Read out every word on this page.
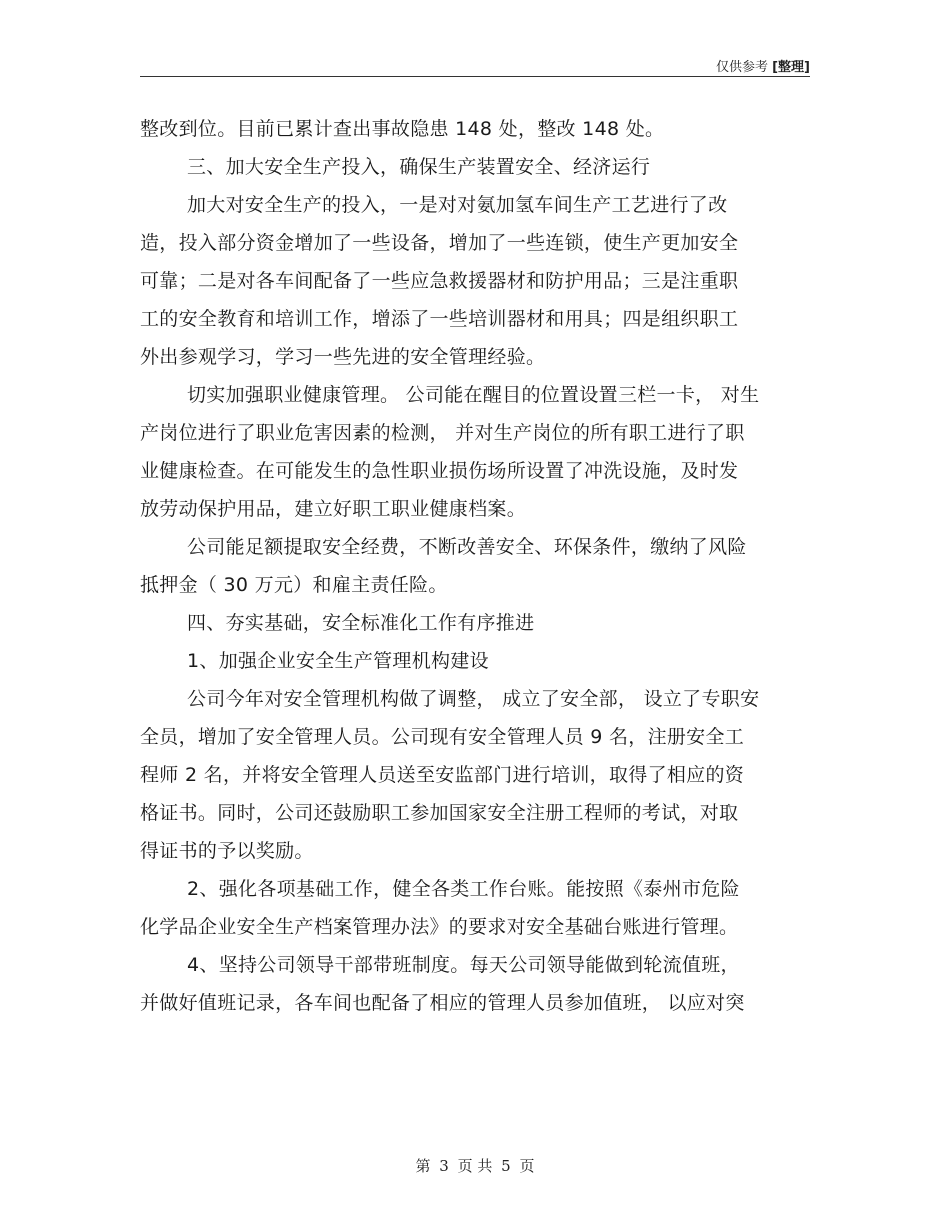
仅供参考 [整理]
整改到位。目前已累计查出事故隐患 148 处，整改 148 处。
三、加大安全生产投入，确保生产装置安全、经济运行
加大对安全生产的投入，一是对对氨加氢车间生产工艺进行了改
造，投入部分资金增加了一些设备，增加了一些连锁，使生产更加安全
可靠；二是对各车间配备了一些应急救援器材和防护用品；三是注重职
工的安全教育和培训工作，增添了一些培训器材和用具；四是组织职工
外出参观学习，学习一些先进的安全管理经验。
切实加强职业健康管理。 公司能在醒目的位置设置三栏一卡， 对生
产岗位进行了职业危害因素的检测， 并对生产岗位的所有职工进行了职
业健康检查。在可能发生的急性职业损伤场所设置了冲洗设施，及时发
放劳动保护用品，建立好职工职业健康档案。
公司能足额提取安全经费，不断改善安全、环保条件，缴纳了风险
抵押金（ 30 万元）和雇主责任险。
四、夯实基础，安全标准化工作有序推进
1、加强企业安全生产管理机构建设
公司今年对安全管理机构做了调整， 成立了安全部， 设立了专职安
全员，增加了安全管理人员。公司现有安全管理人员 9 名，注册安全工
程师 2 名，并将安全管理人员送至安监部门进行培训，取得了相应的资
格证书。同时，公司还鼓励职工参加国家安全注册工程师的考试，对取
得证书的予以奖励。
2、强化各项基础工作，健全各类工作台账。能按照《泰州市危险
化学品企业安全生产档案管理办法》的要求对安全基础台账进行管理。
4、坚持公司领导干部带班制度。每天公司领导能做到轮流值班，
并做好值班记录，各车间也配备了相应的管理人员参加值班， 以应对突
第 3 页 共 5 页
